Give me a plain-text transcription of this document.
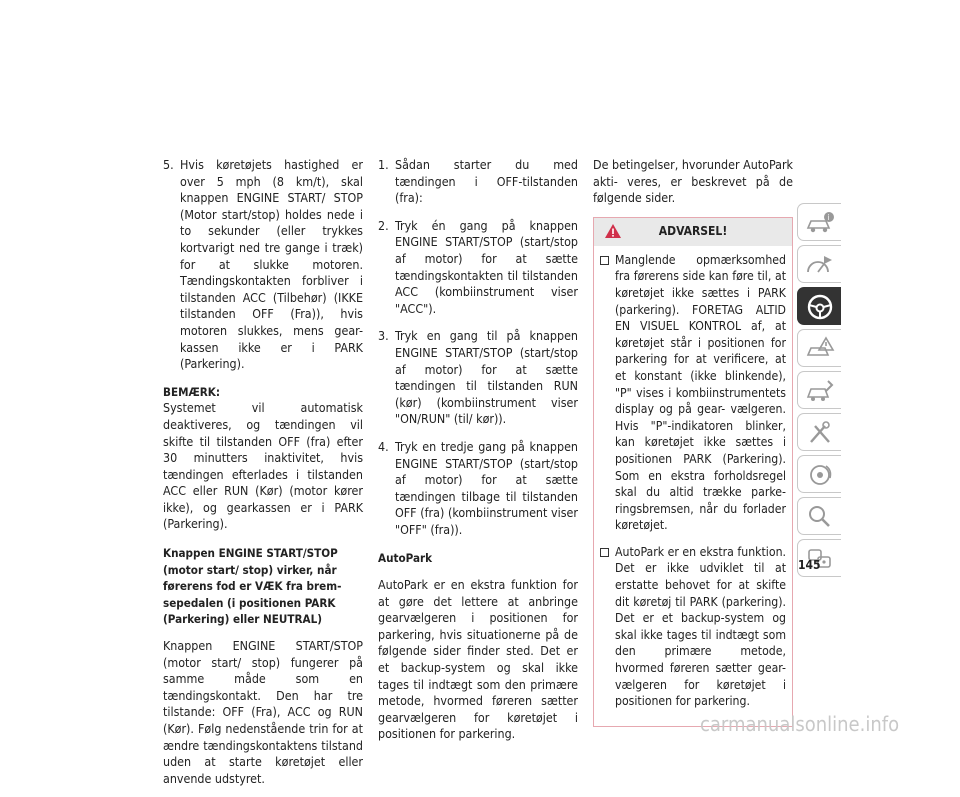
5. Hvis køretøjets hastighed er over 5 mph (8 km/t), skal knappen ENGINE START/ STOP (Motor start/stop) holdes nede i to sekunder (eller trykkes kortvarigt ned tre gange i træk) for at slukke motoren. Tændingskontakten forbliver i tilstanden ACC (Tilbehør) (IKKE tilstanden OFF (Fra)), hvis motoren slukkes, mens gear- kassen ikke er i PARK (Parkering).
BEMÆRK:

Systemet vil automatisk deaktiveres, og tændingen vil skifte til tilstanden OFF (fra) efter 30 minutters inaktivitet, hvis tændingen efterlades i tilstanden ACC eller RUN (Kør) (motor kører ikke), og gearkassen er i PARK (Parkering).

Knappen ENGINE START/STOP (motor start/ stop) virker, når førerens fod er VÆK fra brem- sepedalen (i positionen PARK (Parkering) eller NEUTRAL)

Knappen ENGINE START/STOP (motor start/ stop) fungerer på samme måde som en tændingskontakt. Den har tre tilstande: OFF (Fra), ACC og RUN (Kør). Følg nedenstående trin for at ændre tændingskontaktens tilstand uden at starte køretøjet eller anvende udstyret.

1. Sådan starter du med tændingen i OFF-tilstanden (fra):
2. Tryk én gang på knappen ENGINE START/STOP (start/stop af motor) for at sætte tændingskontakten til tilstanden ACC (kombiinstrument viser "ACC").
3. Tryk en gang til på knappen ENGINE START/STOP (start/stop af motor) for at sætte tændingen til tilstanden RUN (kør) (kombiinstrument viser "ON/RUN" (til/ kør)).
4. Tryk en tredje gang på knappen ENGINE START/STOP (start/stop af motor) for at sætte tændingen tilbage til tilstanden OFF (fra) (kombiinstrument viser "OFF" (fra)).
AutoPark

AutoPark er en ekstra funktion for at gøre det lettere at anbringe gearvælgeren i positionen for parkering, hvis situationerne på de følgende sider finder sted. Det er et backup-system og skal ikke tages til indtægt som den primære metode, hvormed føreren sætter gearvælgeren for køretøjet i positionen for parkering.

De betingelser, hvorunder AutoPark akti- veres, er beskrevet på de følgende sider.

ADVARSEL!
Manglende opmærksomhed fra førerens side kan føre til, at køretøjet ikke sættes i PARK (parkering). FORETAG ALTID EN VISUEL KONTROL af, at køretøjet står i positionen for parkering for at verificere, at et konstant (ikke blinkende), "P" vises i kombiinstrumentets display og på gear- vælgeren. Hvis "P"-indikatoren blinker, kan køretøjet ikke sættes i positionen PARK (Parkering). Som en ekstra forholdsregel skal du altid trække parke- ringsbremsen, når du forlader køretøjet.
AutoPark er en ekstra funktion. Det er ikke udviklet til at erstatte behovet for at skifte dit køretøj til PARK (parkering). Det er et backup-system og skal ikke tages til indtægt som den primære metode, hvormed føreren sætter gear- vælgeren for køretøjet i positionen for parkering.
i
145
carmanualsonline.info
